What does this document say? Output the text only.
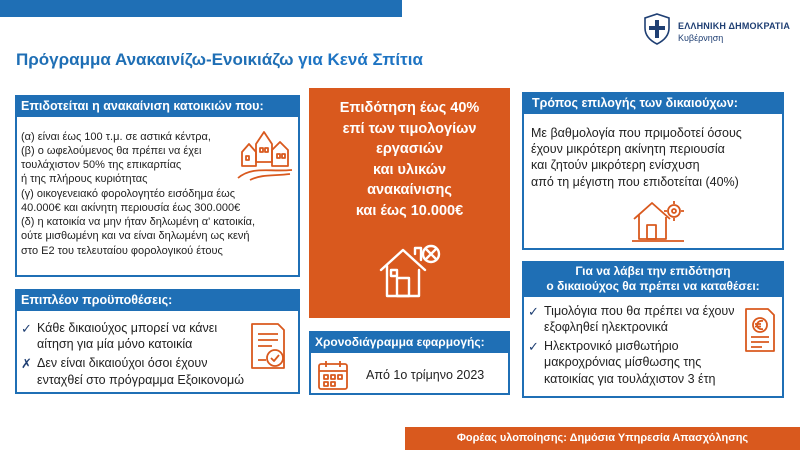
ΕΛΛΗΝΙΚΗ ΔΗΜΟΚΡΑΤΙΑ
Κυβέρνηση
Πρόγραμμα Ανακαινίζω-Ενοικιάζω για Κενά Σπίτια
Επιδοτείται η ανακαίνιση κατοικιών που:
(α) είναι έως 100 τ.μ. σε αστικά κέντρα,
(β) ο ωφελούμενος θα πρέπει να έχει
τουλάχιστον 50% της επικαρπίας
ή της πλήρους κυριότητας
(γ) οικογενειακό φορολογητέο εισόδημα έως
40.000€ και ακίνητη περιουσία έως 300.000€
(δ) η κατοικία να μην ήταν δηλωμένη α' κατοικία,
ούτε μισθωμένη και να είναι δηλωμένη ως κενή
στο Ε2 του τελευταίου φορολογικού έτους
Επιδότηση έως 40%
επί των τιμολογίων
εργασιών
και υλικών
ανακαίνισης
και έως 10.000€
Τρόπος επιλογής των δικαιούχων:
Με βαθμολογία που πριμοδοτεί όσους
έχουν μικρότερη ακίνητη περιουσία
και ζητούν μικρότερη ενίσχυση
από τη μέγιστη που επιδοτείται (40%)
Επιπλέον προϋποθέσεις:
✓ Κάθε δικαιούχος μπορεί να κάνει
αίτηση για μία μόνο κατοικία
✗ Δεν είναι δικαιούχοι όσοι έχουν
ενταχθεί στο πρόγραμμα Εξοικονομώ
Χρονοδιάγραμμα εφαρμογής:
Από 1ο τρίμηνο 2023
Για να λάβει την επιδότηση
ο δικαιούχος θα πρέπει να καταθέσει:
✓ Τιμολόγια που θα πρέπει να έχουν
εξοφληθεί ηλεκτρονικά
✓ Ηλεκτρονικό μισθωτήριο
μακροχρόνιας μίσθωσης της
κατοικίας για τουλάχιστον 3 έτη
Φορέας υλοποίησης: Δημόσια Υπηρεσία Απασχόλησης
